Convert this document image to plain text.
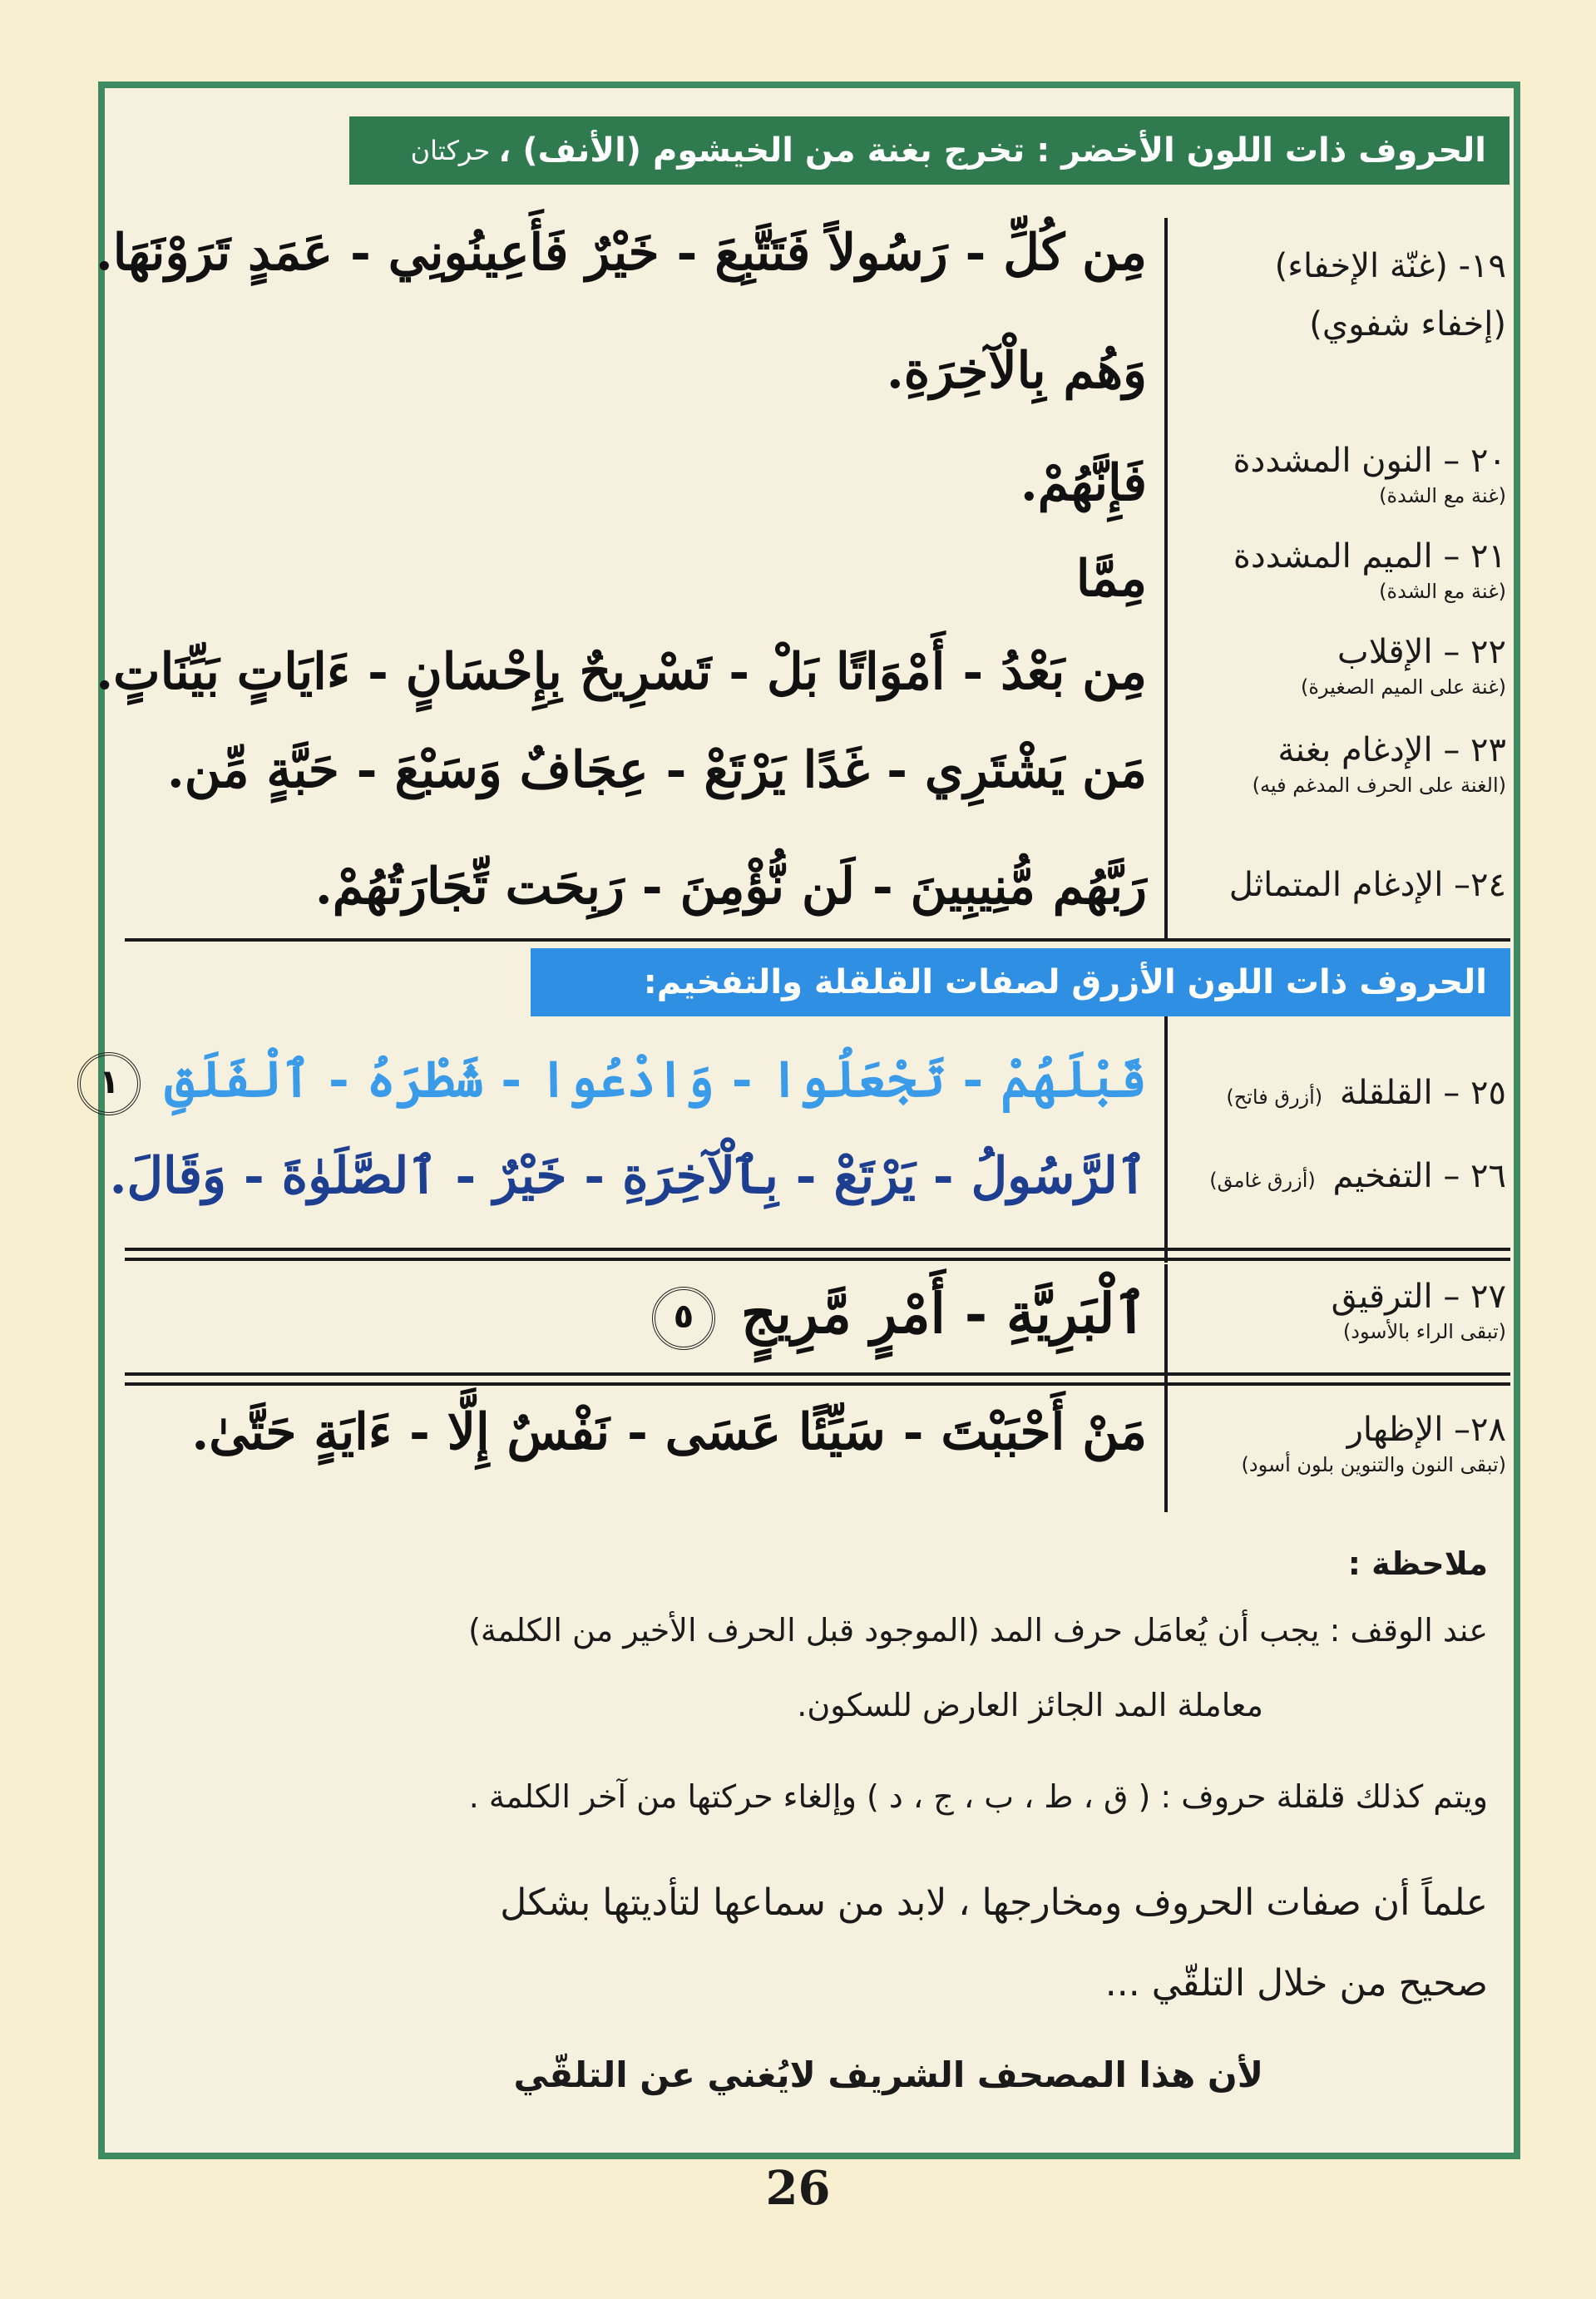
الحروف ذات اللون الأخضر : تخرج بغنة من الخيشوم (الأنف) ،
حركتان
١٩- (غنّة الإخفاء)
(إخفاء شفوي)
٢٠ – النون المشددة
(غنة مع الشدة)
٢١ – الميم المشددة
(غنة مع الشدة)
٢٢ – الإقلاب
(غنة على الميم الصغيرة)
٢٣ – الإدغام بغنة
(الغنة على الحرف المدغم فيه)
٢٤– الإدغام المتماثل
الحروف ذات اللون الأزرق لصفات القلقلة والتفخيم:
٢٥ – القلقلة (أزرق فاتح)
٢٦ – التفخيم (أزرق غامق)
٢٧ – الترقيق
(تبقى الراء بالأسود)
٢٨– الإظهار
(تبقى النون والتنوين بلون أسود)
مِن كُلِّ - رَسُولاً فَتَتَّبِعَ - خَيْرٌ فَأَعِينُونِي - عَمَدٍ تَرَوْنَهَا.
وَهُم بِالْآخِرَةِ.
فَإِنَّهُمْ.
مِمَّا
مِن بَعْدُ - أَمْوَاتًا بَلْ - تَسْرِيحٌ بِإِحْسَانٍ - ءَايَاتٍ بَيِّنَاتٍ.
مَن يَشْتَرِي - غَدًا يَرْتَعْ - عِجَافٌ وَسَبْعَ - حَبَّةٍ مِّن.
رَبَّهُم مُّنِيبِينَ - لَن نُّؤْمِنَ - رَبِحَت تِّجَارَتُهُمْ.
قَبْلَهُمْ - تَجْعَلُوا - وَادْعُوا - شَطْرَهُ - ٱلْفَلَقِ ١
ٱلرَّسُولُ - يَرْتَعْ - بِٱلْآخِرَةِ - خَيْرٌ - ٱلصَّلَوٰةَ - وَقَالَ.
ٱلْبَرِيَّةِ - أَمْرٍ مَّرِيجٍ ٥
مَنْ أَحْبَبْتَ - سَيِّئًا عَسَى - نَفْسٌ إِلَّا - ءَايَةٍ حَتَّىٰ.
ملاحظة :
عند الوقف : يجب أن يُعامَل حرف المد (الموجود قبل الحرف الأخير من الكلمة)
معاملة المد الجائز العارض للسكون.
ويتم كذلك قلقلة حروف : ( ق ، ط ، ب ، ج ، د ) وإلغاء حركتها من آخر الكلمة .
علماً أن صفات الحروف ومخارجها ، لابد من سماعها لتأديتها بشكل
صحيح من خلال التلقّي ...
لأن هذا المصحف الشريف لايُغني عن التلقّي
26
